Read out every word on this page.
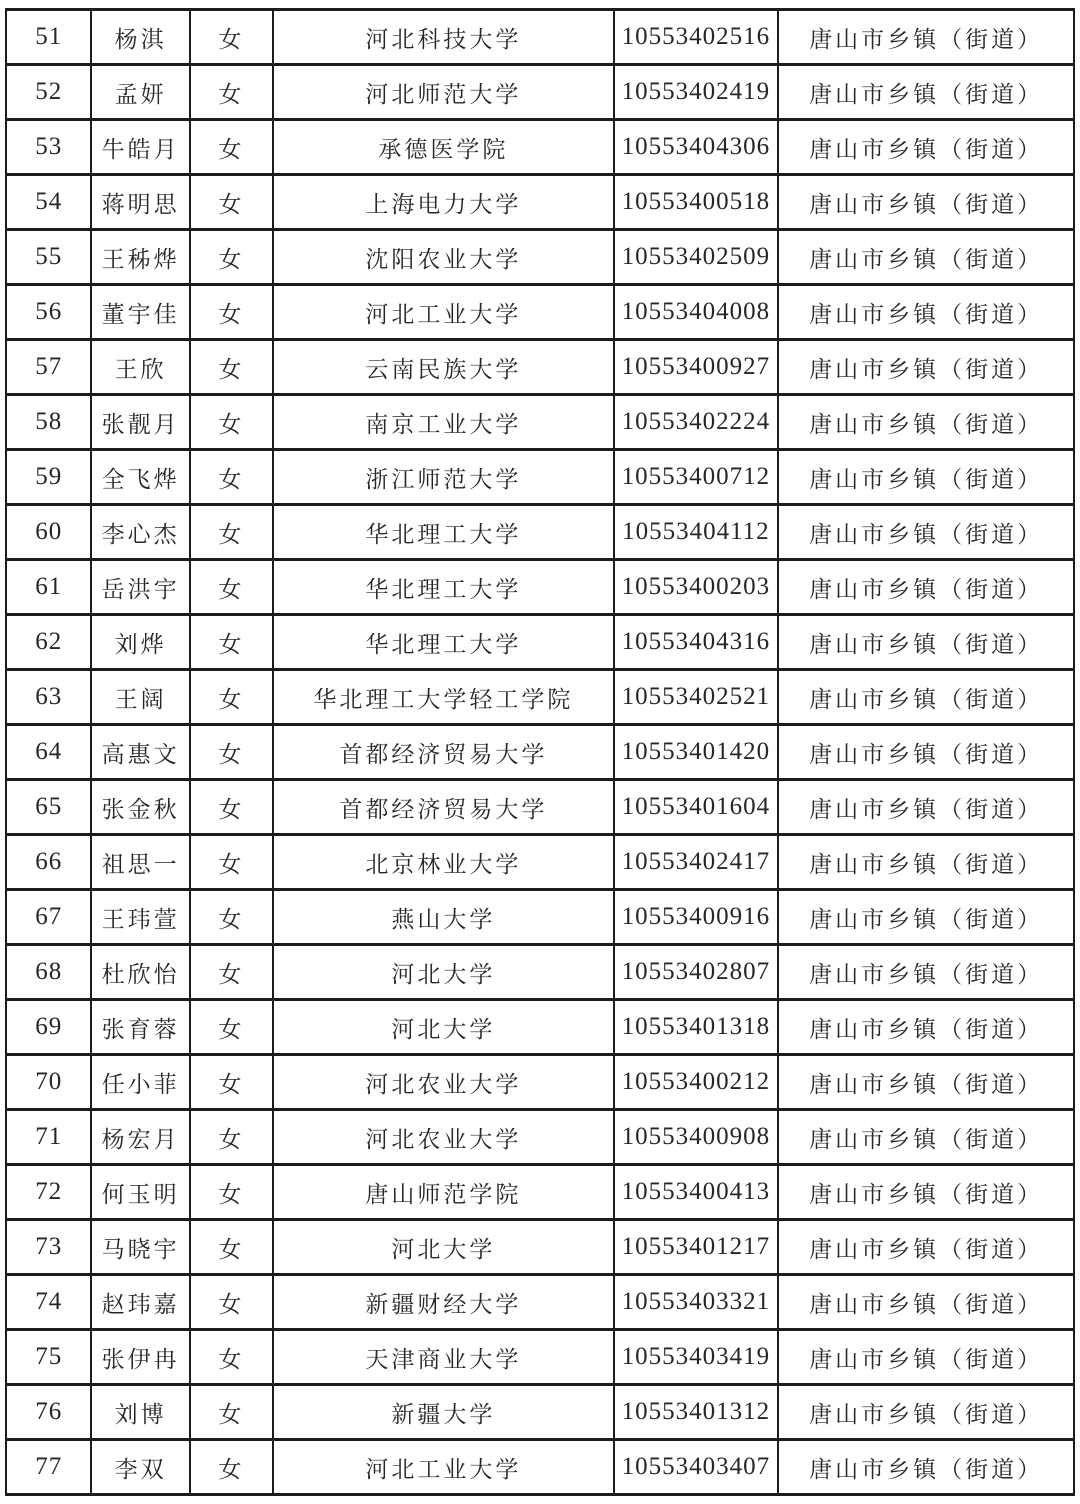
51	杨淇	女	河北科技大学	10553402516	唐山市乡镇（街道）
52	孟妍	女	河北师范大学	10553402419	唐山市乡镇（街道）
53	牛皓月	女	承德医学院	10553404306	唐山市乡镇（街道）
54	蒋明思	女	上海电力大学	10553400518	唐山市乡镇（街道）
55	王秭烨	女	沈阳农业大学	10553402509	唐山市乡镇（街道）
56	董宇佳	女	河北工业大学	10553404008	唐山市乡镇（街道）
57	王欣	女	云南民族大学	10553400927	唐山市乡镇（街道）
58	张靓月	女	南京工业大学	10553402224	唐山市乡镇（街道）
59	全飞烨	女	浙江师范大学	10553400712	唐山市乡镇（街道）
60	李心杰	女	华北理工大学	10553404112	唐山市乡镇（街道）
61	岳洪宇	女	华北理工大学	10553400203	唐山市乡镇（街道）
62	刘烨	女	华北理工大学	10553404316	唐山市乡镇（街道）
63	王阔	女	华北理工大学轻工学院	10553402521	唐山市乡镇（街道）
64	高惠文	女	首都经济贸易大学	10553401420	唐山市乡镇（街道）
65	张金秋	女	首都经济贸易大学	10553401604	唐山市乡镇（街道）
66	祖思一	女	北京林业大学	10553402417	唐山市乡镇（街道）
67	王玮萱	女	燕山大学	10553400916	唐山市乡镇（街道）
68	杜欣怡	女	河北大学	10553402807	唐山市乡镇（街道）
69	张育蓉	女	河北大学	10553401318	唐山市乡镇（街道）
70	任小菲	女	河北农业大学	10553400212	唐山市乡镇（街道）
71	杨宏月	女	河北农业大学	10553400908	唐山市乡镇（街道）
72	何玉明	女	唐山师范学院	10553400413	唐山市乡镇（街道）
73	马晓宇	女	河北大学	10553401217	唐山市乡镇（街道）
74	赵玮嘉	女	新疆财经大学	10553403321	唐山市乡镇（街道）
75	张伊冉	女	天津商业大学	10553403419	唐山市乡镇（街道）
76	刘博	女	新疆大学	10553401312	唐山市乡镇（街道）
77	李双	女	河北工业大学	10553403407	唐山市乡镇（街道）
